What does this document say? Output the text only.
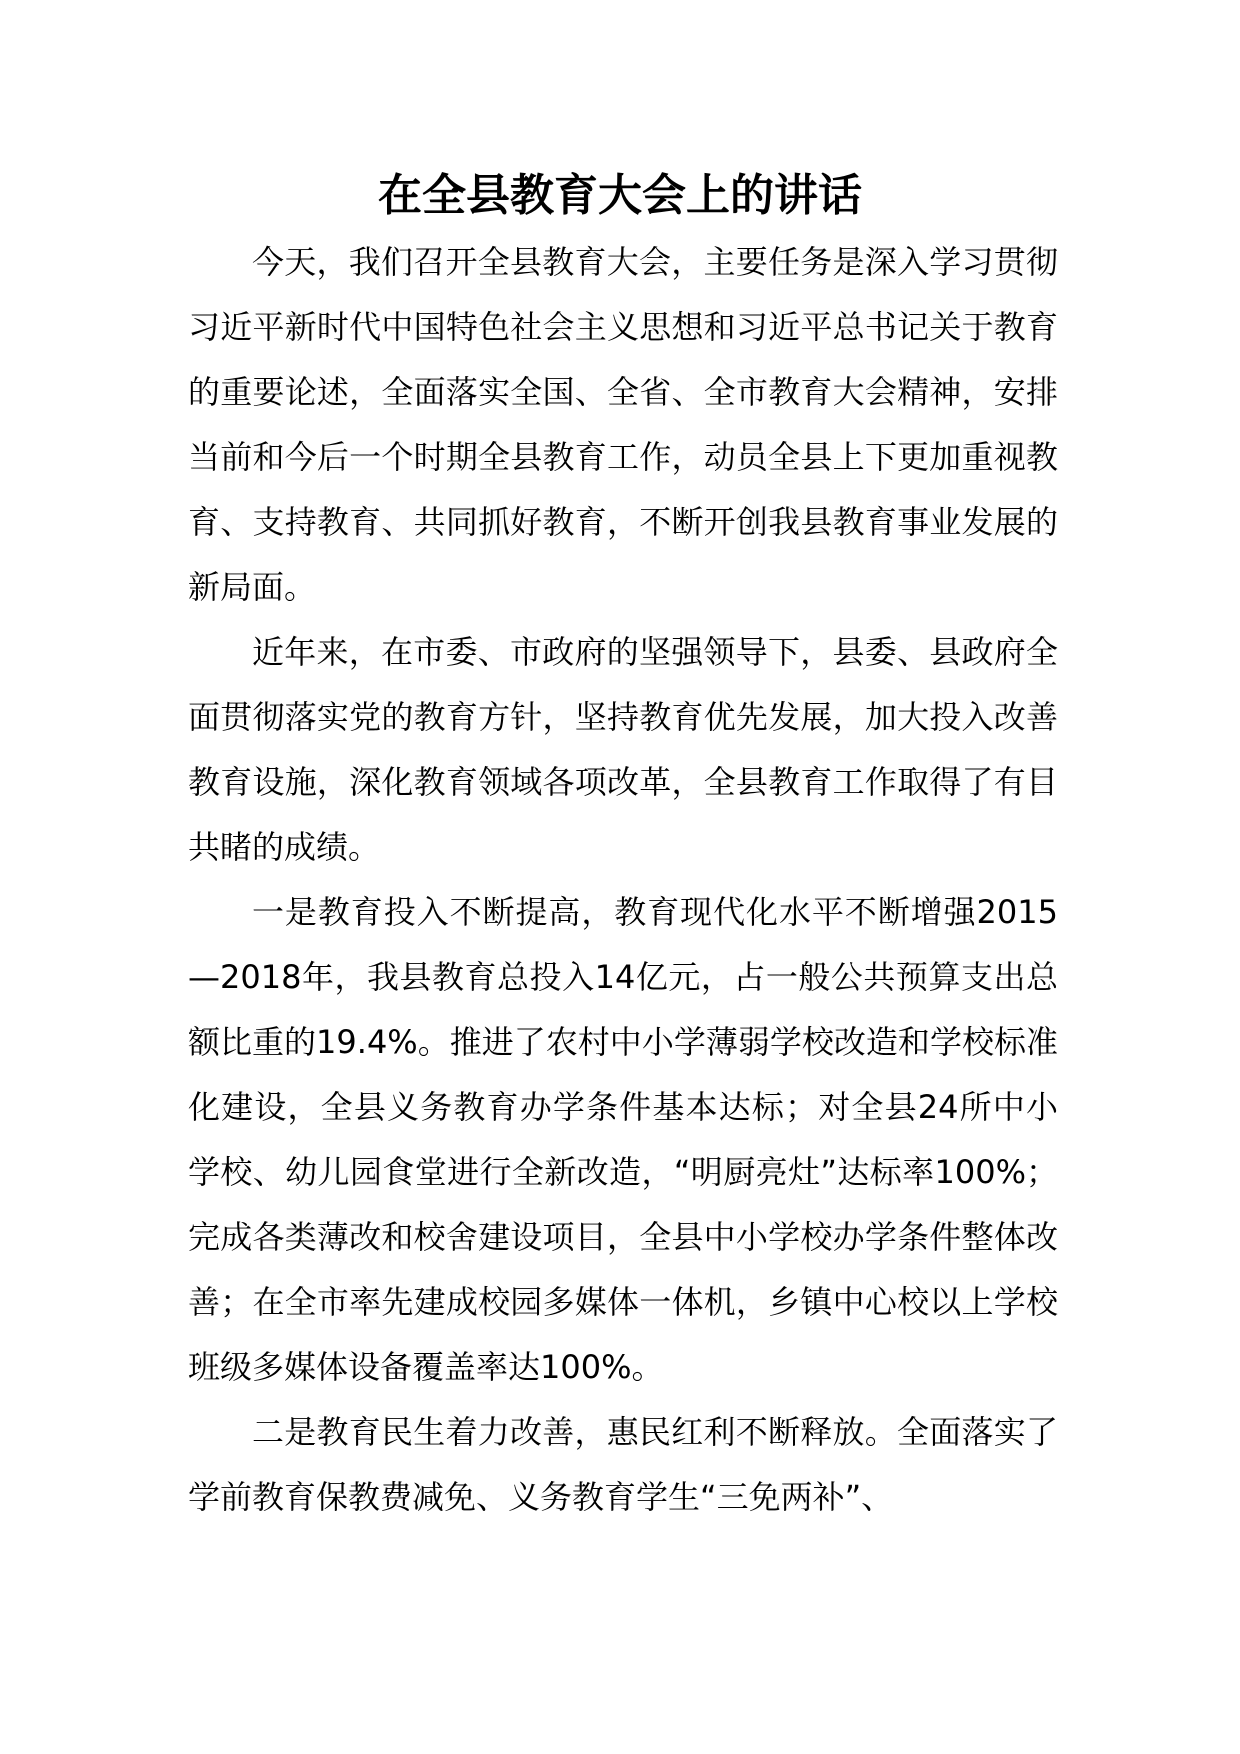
在全县教育大会上的讲话

今天，我们召开全县教育大会，主要任务是深入学习贯彻习近平新时代中国特色社会主义思想和习近平总书记关于教育的重要论述，全面落实全国、全省、全市教育大会精神，安排当前和今后一个时期全县教育工作，动员全县上下更加重视教育、支持教育、共同抓好教育，不断开创我县教育事业发展的新局面。

近年来，在市委、市政府的坚强领导下，县委、县政府全面贯彻落实党的教育方针，坚持教育优先发展，加大投入改善教育设施，深化教育领域各项改革，全县教育工作取得了有目共睹的成绩。

一是教育投入不断提高，教育现代化水平不断增强2015—2018年，我县教育总投入14亿元，占一般公共预算支出总额比重的19.4%。推进了农村中小学薄弱学校改造和学校标准化建设，全县义务教育办学条件基本达标；对全县24所中小学校、幼儿园食堂进行全新改造，“明厨亮灶”达标率100%；完成各类薄改和校舍建设项目，全县中小学校办学条件整体改善；在全市率先建成校园多媒体一体机，乡镇中心校以上学校班级多媒体设备覆盖率达100%。

二是教育民生着力改善，惠民红利不断释放。全面落实了学前教育保教费减免、义务教育学生“三免两补”、
